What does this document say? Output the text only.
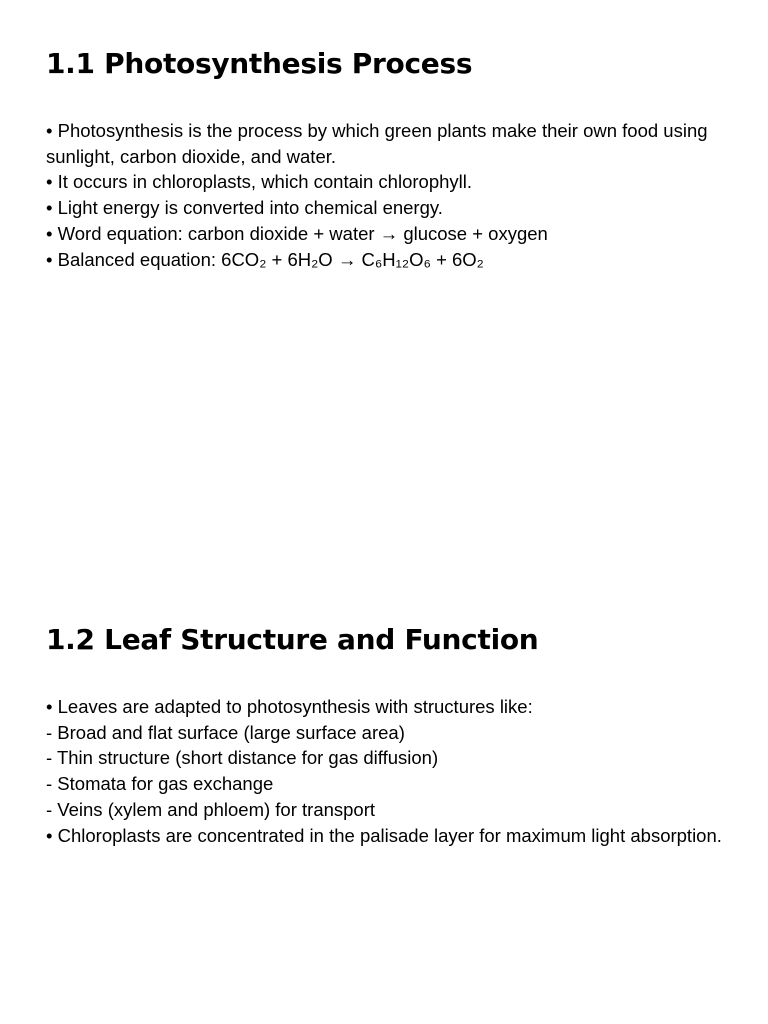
1.1 Photosynthesis Process
• Photosynthesis is the process by which green plants make their own food using sunlight, carbon dioxide, and water.
• It occurs in chloroplasts, which contain chlorophyll.
• Light energy is converted into chemical energy.
• Word equation: carbon dioxide + water → glucose + oxygen
• Balanced equation: 6CO₂ + 6H₂O → C₆H₁₂O₆ + 6O₂
1.2 Leaf Structure and Function
• Leaves are adapted to photosynthesis with structures like:
- Broad and flat surface (large surface area)
- Thin structure (short distance for gas diffusion)
- Stomata for gas exchange
- Veins (xylem and phloem) for transport
• Chloroplasts are concentrated in the palisade layer for maximum light absorption.
